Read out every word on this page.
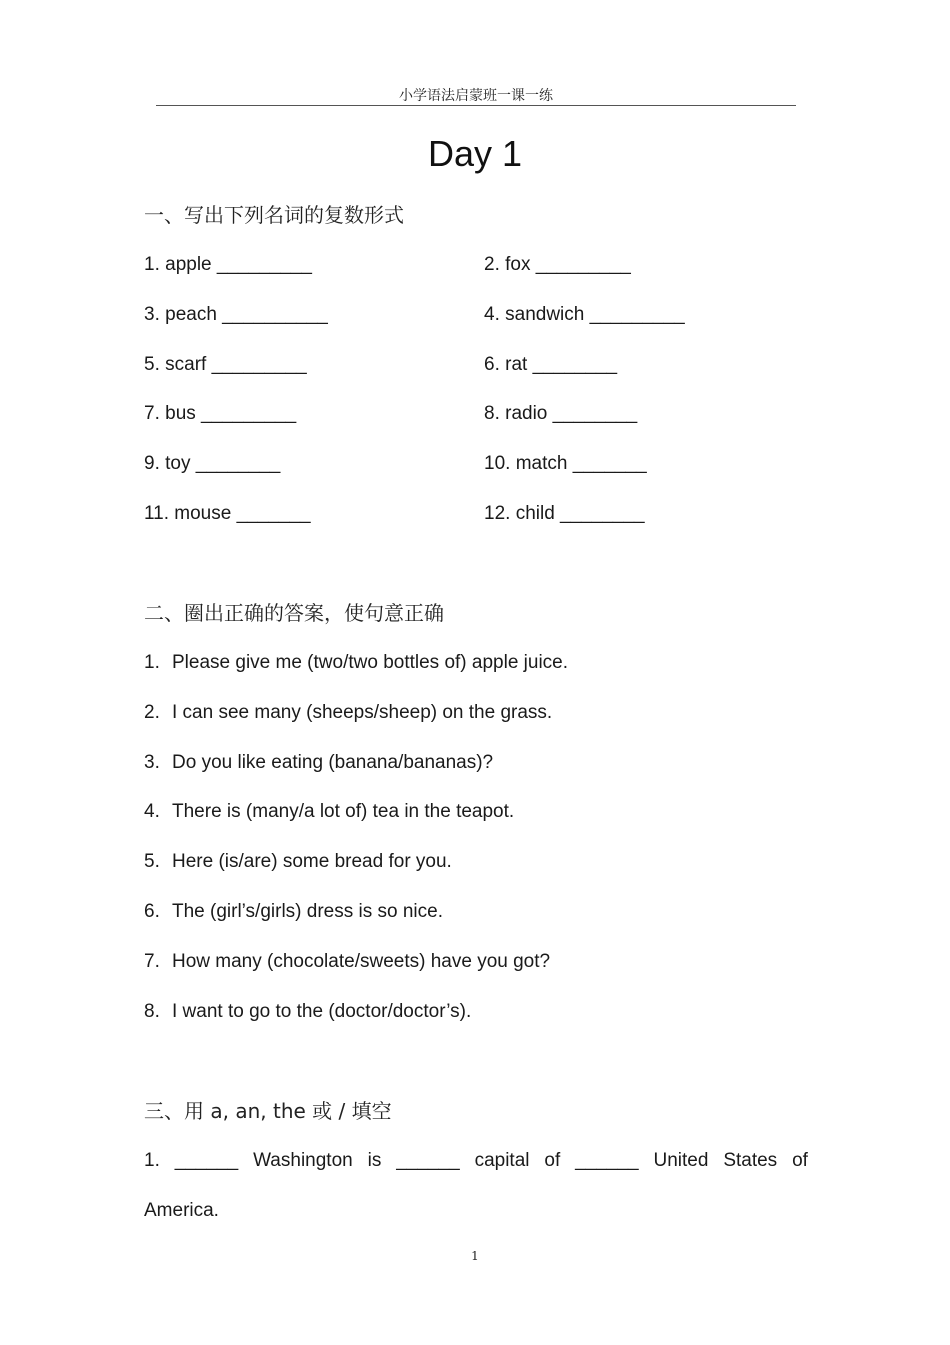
小学语法启蒙班一课一练
Day 1
一、写出下列名词的复数形式
1. apple _________	2. fox _________
3. peach __________	4. sandwich _________
5. scarf _________	6. rat ________
7. bus _________	8. radio ________
9. toy ________	10. match _______
11. mouse _______	12. child ________
二、圈出正确的答案，使句意正确
1. Please give me (two/two bottles of) apple juice.
2. I can see many (sheeps/sheep) on the grass.
3. Do you like eating (banana/bananas)?
4. There is (many/a lot of) tea in the teapot.
5. Here (is/are) some bread for you.
6. The (girl’s/girls) dress is so nice.
7. How many (chocolate/sweets) have you got?
8. I want to go to the (doctor/doctor’s).
三、用 a, an, the 或 / 填空
1. ______ Washington is ______ capital of ______ United States of
America.
1
